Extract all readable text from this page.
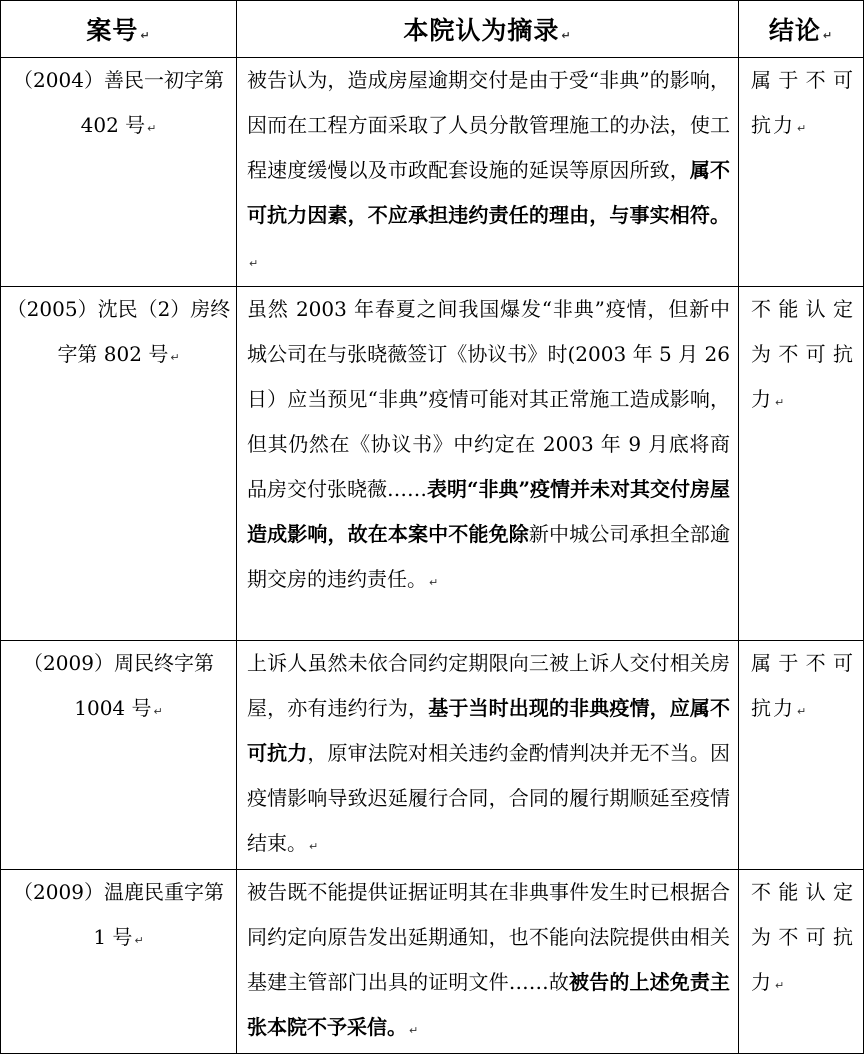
案号 ↵	本院认为摘录 ↵	结论 ↵
（2004）善民一初字第 402 号 ↵	被告认为，造成房屋逾期交付是由于受“非典”的影响，因而在工程方面采取了人员分散管理施工的办法，使工程速度缓慢以及市政配套设施的延误等原因所致，属不可抗力因素，不应承担违约责任的理由，与事实相符。↵	属于不可抗力 ↵
（2005）沈民（2）房终字第 802 号 ↵	虽然 2003 年春夏之间我国爆发“非典”疫情，但新中城公司在与张晓薇签订《协议书》时(2003 年 5 月 26 日）应当预见“非典”疫情可能对其正常施工造成影响，但其仍然在《协议书》中约定在 2003 年 9 月底将商品房交付张晓薇……表明“非典”疫情并未对其交付房屋造成影响，故在本案中不能免除新中城公司承担全部逾期交房的违约责任。 ↵	不能认定为不可抗力 ↵
（2009）周民终字第 1004 号 ↵	上诉人虽然未依合同约定期限向三被上诉人交付相关房屋，亦有违约行为，基于当时出现的非典疫情，应属不可抗力，原审法院对相关违约金酌情判决并无不当。因疫情影响导致迟延履行合同，合同的履行期顺延至疫情结束。 ↵	属于不可抗力 ↵
（2009）温鹿民重字第 1 号 ↵	被告既不能提供证据证明其在非典事件发生时已根据合同约定向原告发出延期通知，也不能向法院提供由相关基建主管部门出具的证明文件……故被告的上述免责主张本院不予采信。 ↵	不能认定为不可抗力 ↵
